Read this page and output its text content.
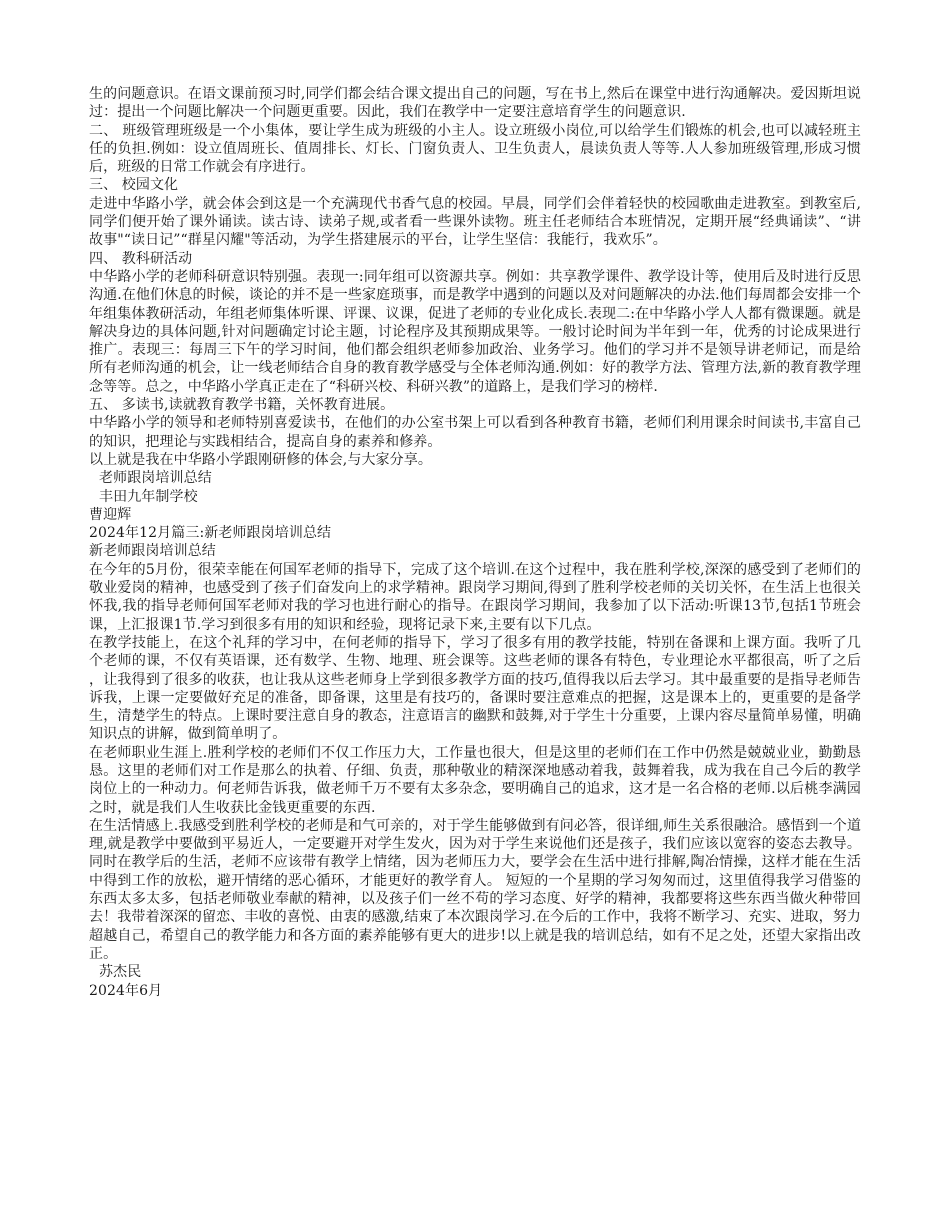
生的问题意识。在语文课前预习时,同学们都会结合课文提出自己的问题，写在书上,然后在课堂中进行沟通解决。爱因斯坦说过：提出一个问题比解决一个问题更重要。因此，我们在教学中一定要注意培育学生的问题意识.

二、 班级管理班级是一个小集体，要让学生成为班级的小主人。设立班级小岗位,可以给学生们锻炼的机会,也可以减轻班主任的负担.例如：设立值周班长、值周排长、灯长、门窗负责人、卫生负责人，晨读负责人等等.人人参加班级管理,形成习惯后，班级的日常工作就会有序进行。

三、 校园文化

走进中华路小学，就会体会到这是一个充满现代书香气息的校园。早晨，同学们会伴着轻快的校园歌曲走进教室。到教室后,同学们便开始了课外诵读。读古诗、读弟子规,或者看一些课外读物。班主任老师结合本班情况，定期开展“经典诵读”、“讲故事"“读日记”“群星闪耀"等活动，为学生搭建展示的平台，让学生坚信：我能行，我欢乐”。

四、 教科研活动

中华路小学的老师科研意识特别强。表现一:同年组可以资源共享。例如：共享教学课件、教学设计等，使用后及时进行反思沟通.在他们休息的时候，谈论的并不是一些家庭琐事，而是教学中遇到的问题以及对问题解决的办法.他们每周都会安排一个年组集体教研活动，年组老师集体听课、评课、议课，促进了老师的专业化成长.表现二:在中华路小学人人都有微课题。就是解决身边的具体问题,针对问题确定讨论主题，讨论程序及其预期成果等。一般讨论时间为半年到一年，优秀的讨论成果进行推广。表现三：每周三下午的学习时间，他们都会组织老师参加政治、业务学习。他们的学习并不是领导讲老师记，而是给所有老师沟通的机会，让一线老师结合自身的教育教学感受与全体老师沟通.例如：好的教学方法、管理方法,新的教育教学理念等等。总之，中华路小学真正走在了“科研兴校、科研兴教”的道路上，是我们学习的榜样.

五、 多读书,读就教育教学书籍，关怀教育进展。

中华路小学的领导和老师特别喜爱读书，在他们的办公室书架上可以看到各种教育书籍，老师们利用课余时间读书,丰富自己的知识，把理论与实践相结合，提高自身的素养和修养。

以上就是我在中华路小学跟刚研修的体会,与大家分享。

老师跟岗培训总结

丰田九年制学校

曹迎辉

2024年12月篇三:新老师跟岗培训总结

新老师跟岗培训总结

在今年的5月份，很荣幸能在何国军老师的指导下，完成了这个培训.在这个过程中，我在胜利学校,深深的感受到了老师们的敬业爱岗的精神，也感受到了孩子们奋发向上的求学精神。跟岗学习期间,得到了胜利学校老师的关切关怀，在生活上也很关怀我,我的指导老师何国军老师对我的学习也进行耐心的指导。在跟岗学习期间，我参加了以下活动:听课13节,包括1节班会课，上汇报课1节.学习到很多有用的知识和经验，现将记录下来,主要有以下几点。

在教学技能上，在这个礼拜的学习中，在何老师的指导下，学习了很多有用的教学技能，特别在备课和上课方面。我听了几个老师的课，不仅有英语课，还有数学、生物、地理、班会课等。这些老师的课各有特色，专业理论水平都很高，听了之后，让我得到了很多的收获，也让我从这些老师身上学到很多教学方面的技巧,值得我以后去学习。其中最重要的是指导老师告诉我，上课一定要做好充足的准备，即备课，这里是有技巧的，备课时要注意难点的把握，这是课本上的，更重要的是备学生，清楚学生的特点。上课时要注意自身的教态，注意语言的幽默和鼓舞,对于学生十分重要，上课内容尽量简单易懂，明确知识点的讲解，做到简单明了。

在老师职业生涯上.胜利学校的老师们不仅工作压力大，工作量也很大，但是这里的老师们在工作中仍然是兢兢业业，勤勤恳恳。这里的老师们对工作是那么的执着、仔细、负责，那种敬业的精深深地感动着我，鼓舞着我，成为我在自己今后的教学岗位上的一种动力。何老师告诉我，做老师千万不要有太多杂念，要明确自己的追求，这才是一名合格的老师.以后桃李满园之时，就是我们人生收获比金钱更重要的东西.

在生活情感上.我感受到胜利学校的老师是和气可亲的，对于学生能够做到有问必答，很详细,师生关系很融洽。感悟到一个道理,就是教学中要做到平易近人，一定要避开对学生发火，因为对于学生来说他们还是孩子，我们应该以宽容的姿态去教导。同时在教学后的生活，老师不应该带有教学上情绪，因为老师压力大，要学会在生活中进行排解,陶冶情操，这样才能在生活中得到工作的放松，避开情绪的恶心循环，才能更好的教学育人。 短短的一个星期的学习匆匆而过，这里值得我学习借鉴的东西太多太多，包括老师敬业奉献的精神，以及孩子们一丝不苟的学习态度、好学的精神，我都要将这些东西当做火种带回去！我带着深深的留恋、丰收的喜悦、由衷的感激,结束了本次跟岗学习.在今后的工作中，我将不断学习、充实、进取，努力超越自己，希望自己的教学能力和各方面的素养能够有更大的进步!以上就是我的培训总结，如有不足之处，还望大家指出改正。

苏杰民

2024年6月
